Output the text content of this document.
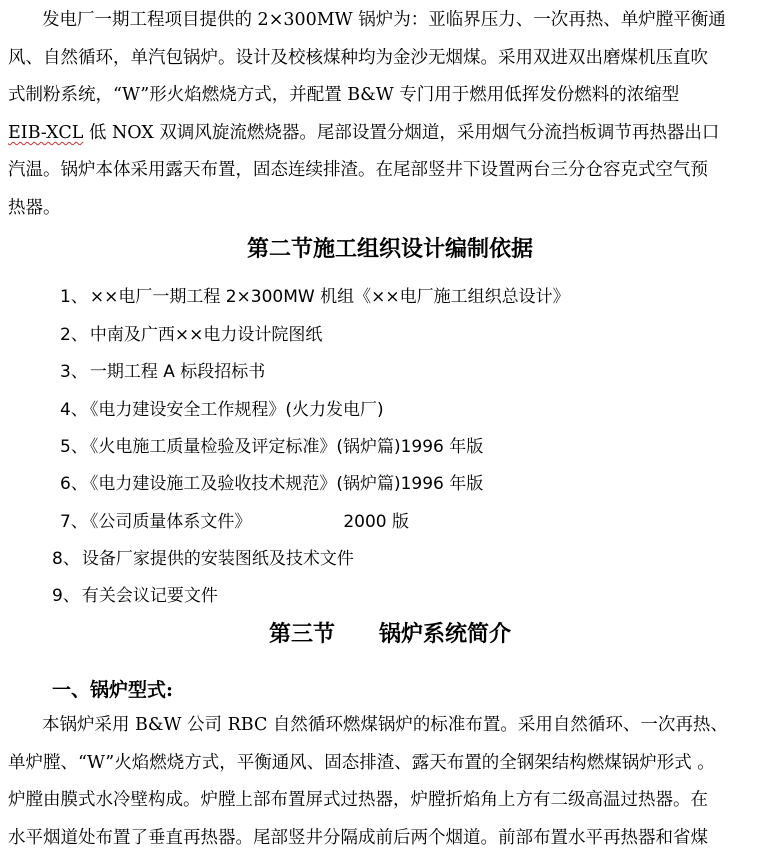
发电厂一期工程项目提供的 2×300MW 锅炉为：亚临界压力、一次再热、单炉膛平衡通
风、自然循环，单汽包锅炉。设计及校核煤种均为金沙无烟煤。采用双进双出磨煤机压直吹
式制粉系统，“W”形火焰燃烧方式，并配置 B&W 专门用于燃用低挥发份燃料的浓缩型
EIB-XCL 低 NOX 双调风旋流燃烧器。尾部设置分烟道，采用烟气分流挡板调节再热器出口
汽温。锅炉本体采用露天布置，固态连续排渣。在尾部竖井下设置两台三分仓容克式空气预
热器。
第二节施工组织设计编制依据
1、 ××电厂一期工程 2×300MW 机组《××电厂施工组织总设计》
2、 中南及广西××电力设计院图纸
3、 一期工程 A 标段招标书
4、 《电力建设安全工作规程》(火力发电厂)
5、 《火电施工质量检验及评定标准》(锅炉篇)1996 年版
6、 《电力建设施工及验收技术规范》(锅炉篇)1996 年版
7、 《公司质量体系文件》	2000 版
8、 设备厂家提供的安装图纸及技术文件
9、 有关会议记要文件
第三节 锅炉系统简介
一、锅炉型式:
本锅炉采用 B&W 公司 RBC 自然循环燃煤锅炉的标准布置。采用自然循环、一次再热、
单炉膛、“W”火焰燃烧方式，平衡通风、固态排渣、露天布置的全钢架结构燃煤锅炉形式 。
炉膛由膜式水冷壁构成。炉膛上部布置屏式过热器，炉膛折焰角上方有二级高温过热器。在
水平烟道处布置了垂直再热器。尾部竖井分隔成前后两个烟道。前部布置水平再热器和省煤
